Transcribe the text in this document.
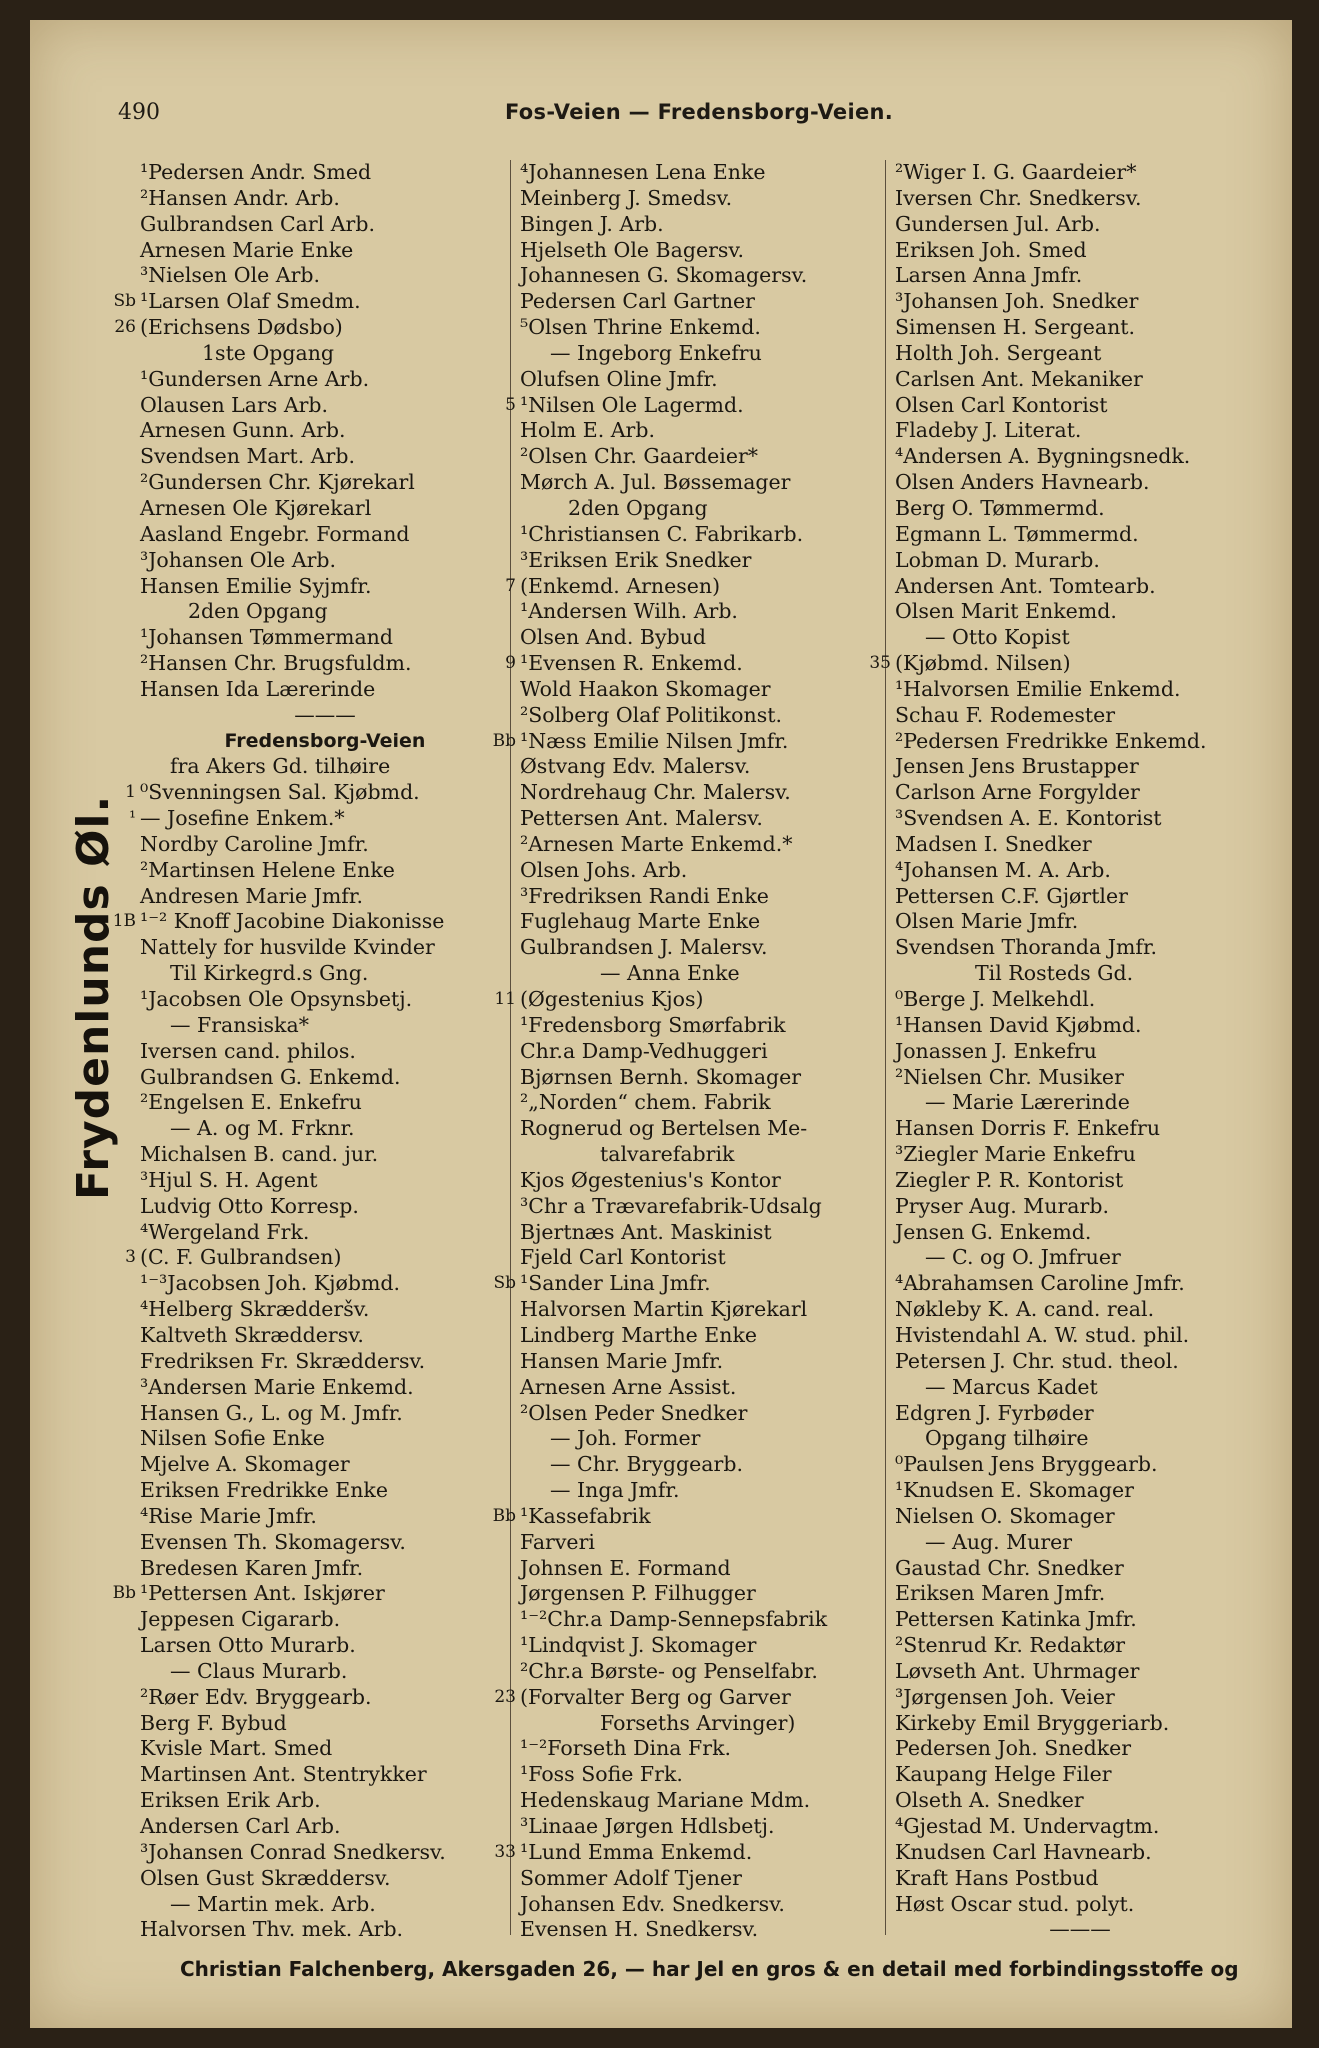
490	Fos-Veien — Fredensborg-Veien.
Frydenlunds Øl.
¹Pedersen Andr. Smed
²Hansen Andr. Arb.
Gulbrandsen Carl Arb.
Arnesen Marie Enke
³Nielsen Ole Arb.
Sb ¹Larsen Olaf Smedm.
26 (Erichsens Dødsbo)
1ste Opgang
¹Gundersen Arne Arb.
Olausen Lars Arb.
Arnesen Gunn. Arb.
Svendsen Mart. Arb.
²Gundersen Chr. Kjørekarl
Arnesen Ole Kjørekarl
Aasland Engebr. Formand
³Johansen Ole Arb.
Hansen Emilie Syjmfr.
2den Opgang
¹Johansen Tømmermand
²Hansen Chr. Brugsfuldm.
Hansen Ida Lærerinde
———
Fredensborg-Veien
fra Akers Gd. tilhøire
1 ⁰Svenningsen Sal. Kjøbmd.
¹ — Josefine Enkem.*
Nordby Caroline Jmfr.
²Martinsen Helene Enke
Andresen Marie Jmfr.
1B ¹⁻² Knoff Jacobine Diakonisse
Nattely for husvilde Kvinder
Til Kirkegrd.s Gng.
¹Jacobsen Ole Opsynsbetj.
— Fransiska*
Iversen cand. philos.
Gulbrandsen G. Enkemd.
²Engelsen E. Enkefru
— A. og M. Frknr.
Michalsen B. cand. jur.
³Hjul S. H. Agent
Ludvig Otto Korresp.
⁴Wergeland Frk.
3 (C. F. Gulbrandsen)
¹⁻³Jacobsen Joh. Kjøbmd.
⁴Helberg Skrædderšv.
Kaltveth Skræddersv.
Fredriksen Fr. Skræddersv.
³Andersen Marie Enkemd.
Hansen G., L. og M. Jmfr.
Nilsen Sofie Enke
Mjelve A. Skomager
Eriksen Fredrikke Enke
⁴Rise Marie Jmfr.
Evensen Th. Skomagersv.
Bredesen Karen Jmfr.
Bb ¹Pettersen Ant. Iskjører
Jeppesen Cigararb.
Larsen Otto Murarb.
— Claus Murarb.
²Røer Edv. Bryggearb.
Berg F. Bybud
Kvisle Mart. Smed
Martinsen Ant. Stentrykker
Eriksen Erik Arb.
Andersen Carl Arb.
³Johansen Conrad Snedkersv.
Olsen Gust Skræddersv.
— Martin mek. Arb.
Halvorsen Thv. mek. Arb.
⁴Johannesen Lena Enke
Meinberg J. Smedsv.
Bingen J. Arb.
Hjelseth Ole Bagersv.
Johannesen G. Skomagersv.
Pedersen Carl Gartner
⁵Olsen Thrine Enkemd.
— Ingeborg Enkefru
Olufsen Oline Jmfr.
5 ¹Nilsen Ole Lagermd.
Holm E. Arb.
²Olsen Chr. Gaardeier*
Mørch A. Jul. Bøssemager
2den Opgang
¹Christiansen C. Fabrikarb.
³Eriksen Erik Snedker
7 (Enkemd. Arnesen)
¹Andersen Wilh. Arb.
Olsen And. Bybud
9 ¹Evensen R. Enkemd.
Wold Haakon Skomager
²Solberg Olaf Politikonst.
Bb ¹Næss Emilie Nilsen Jmfr.
Østvang Edv. Malersv.
Nordrehaug Chr. Malersv.
Pettersen Ant. Malersv.
²Arnesen Marte Enkemd.*
Olsen Johs. Arb.
³Fredriksen Randi Enke
Fuglehaug Marte Enke
Gulbrandsen J. Malersv.
— Anna Enke
11 (Øgestenius Kjos)
¹Fredensborg Smørfabrik
Chr.a Damp-Vedhuggeri
Bjørnsen Bernh. Skomager
²„Norden“ chem. Fabrik
Rognerud og Bertelsen Me-
talvarefabrik
Kjos Øgestenius's Kontor
³Chr a Trævarefabrik-Udsalg
Bjertnæs Ant. Maskinist
Fjeld Carl Kontorist
Sb ¹Sander Lina Jmfr.
Halvorsen Martin Kjørekarl
Lindberg Marthe Enke
Hansen Marie Jmfr.
Arnesen Arne Assist.
²Olsen Peder Snedker
— Joh. Former
— Chr. Bryggearb.
— Inga Jmfr.
Bb ¹Kassefabrik
Farveri
Johnsen E. Formand
Jørgensen P. Filhugger
¹⁻²Chr.a Damp-Sennepsfabrik
¹Lindqvist J. Skomager
²Chr.a Børste- og Penselfabr.
23 (Forvalter Berg og Garver
Forseths Arvinger)
¹⁻²Forseth Dina Frk.
¹Foss Sofie Frk.
Hedenskaug Mariane Mdm.
³Linaae Jørgen Hdlsbetj.
33 ¹Lund Emma Enkemd.
Sommer Adolf Tjener
Johansen Edv. Snedkersv.
Evensen H. Snedkersv.
²Wiger I. G. Gaardeier*
Iversen Chr. Snedkersv.
Gundersen Jul. Arb.
Eriksen Joh. Smed
Larsen Anna Jmfr.
³Johansen Joh. Snedker
Simensen H. Sergeant.
Holth Joh. Sergeant
Carlsen Ant. Mekaniker
Olsen Carl Kontorist
Fladeby J. Literat.
⁴Andersen A. Bygningsnedk.
Olsen Anders Havnearb.
Berg O. Tømmermd.
Egmann L. Tømmermd.
Lobman D. Murarb.
Andersen Ant. Tomtearb.
Olsen Marit Enkemd.
— Otto Kopist
35 (Kjøbmd. Nilsen)
¹Halvorsen Emilie Enkemd.
Schau F. Rodemester
²Pedersen Fredrikke Enkemd.
Jensen Jens Brustapper
Carlson Arne Forgylder
³Svendsen A. E. Kontorist
Madsen I. Snedker
⁴Johansen M. A. Arb.
Pettersen C.F. Gjørtler
Olsen Marie Jmfr.
Svendsen Thoranda Jmfr.
Til Rosteds Gd.
⁰Berge J. Melkehdl.
¹Hansen David Kjøbmd.
Jonassen J. Enkefru
²Nielsen Chr. Musiker
— Marie Lærerinde
Hansen Dorris F. Enkefru
³Ziegler Marie Enkefru
Ziegler P. R. Kontorist
Pryser Aug. Murarb.
Jensen G. Enkemd.
— C. og O. Jmfruer
⁴Abrahamsen Caroline Jmfr.
Nøkleby K. A. cand. real.
Hvistendahl A. W. stud. phil.
Petersen J. Chr. stud. theol.
— Marcus Kadet
Edgren J. Fyrbøder
Opgang tilhøire
⁰Paulsen Jens Bryggearb.
¹Knudsen E. Skomager
Nielsen O. Skomager
— Aug. Murer
Gaustad Chr. Snedker
Eriksen Maren Jmfr.
Pettersen Katinka Jmfr.
²Stenrud Kr. Redaktør
Løvseth Ant. Uhrmager
³Jørgensen Joh. Veier
Kirkeby Emil Bryggeriarb.
Pedersen Joh. Snedker
Kaupang Helge Filer
Olseth A. Snedker
⁴Gjestad M. Undervagtm.
Knudsen Carl Havnearb.
Kraft Hans Postbud
Høst Oscar stud. polyt.
———
Christian Falchenberg, Akersgaden 26, — har Jel en gros & en detail med forbindingsstoffe og
